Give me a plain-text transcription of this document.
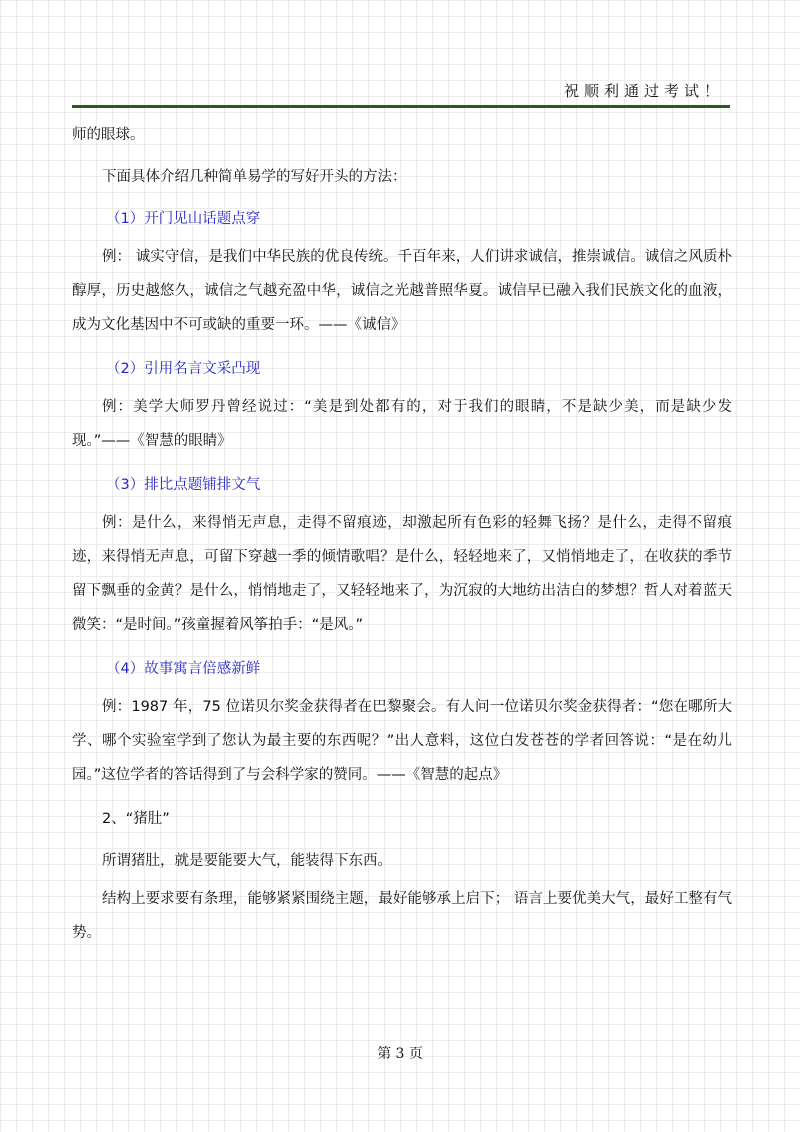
祝顺利通过考试！

师的眼球。

下面具体介绍几种简单易学的写好开头的方法：

（1）开门见山话题点穿

例： 诚实守信，是我们中华民族的优良传统。千百年来，人们讲求诚信，推崇诚信。诚信之风质朴醇厚，历史越悠久，诚信之气越充盈中华，诚信之光越普照华夏。诚信早已融入我们民族文化的血液，成为文化基因中不可或缺的重要一环。——《诚信》

（2）引用名言文采凸现

例：美学大师罗丹曾经说过：“美是到处都有的，对于我们的眼睛，不是缺少美，而是缺少发现。”——《智慧的眼睛》

（3）排比点题铺排文气

例：是什么，来得悄无声息，走得不留痕迹，却激起所有色彩的轻舞飞扬？是什么，走得不留痕迹，来得悄无声息，可留下穿越一季的倾情歌唱？是什么，轻轻地来了，又悄悄地走了，在收获的季节留下飘垂的金黄？是什么，悄悄地走了，又轻轻地来了，为沉寂的大地纺出洁白的梦想？哲人对着蓝天微笑：“是时间。”孩童握着风筝拍手：“是风。”

（4）故事寓言倍感新鲜

例：1987 年，75 位诺贝尔奖金获得者在巴黎聚会。有人问一位诺贝尔奖金获得者：“您在哪所大学、哪个实验室学到了您认为最主要的东西呢？”出人意料，这位白发苍苍的学者回答说：“是在幼儿园。”这位学者的答话得到了与会科学家的赞同。——《智慧的起点》

2、“猪肚”

所谓猪肚，就是要能要大气，能装得下东西。

结构上要求要有条理，能够紧紧围绕主题，最好能够承上启下； 语言上要优美大气，最好工整有气势。

第 3 页
